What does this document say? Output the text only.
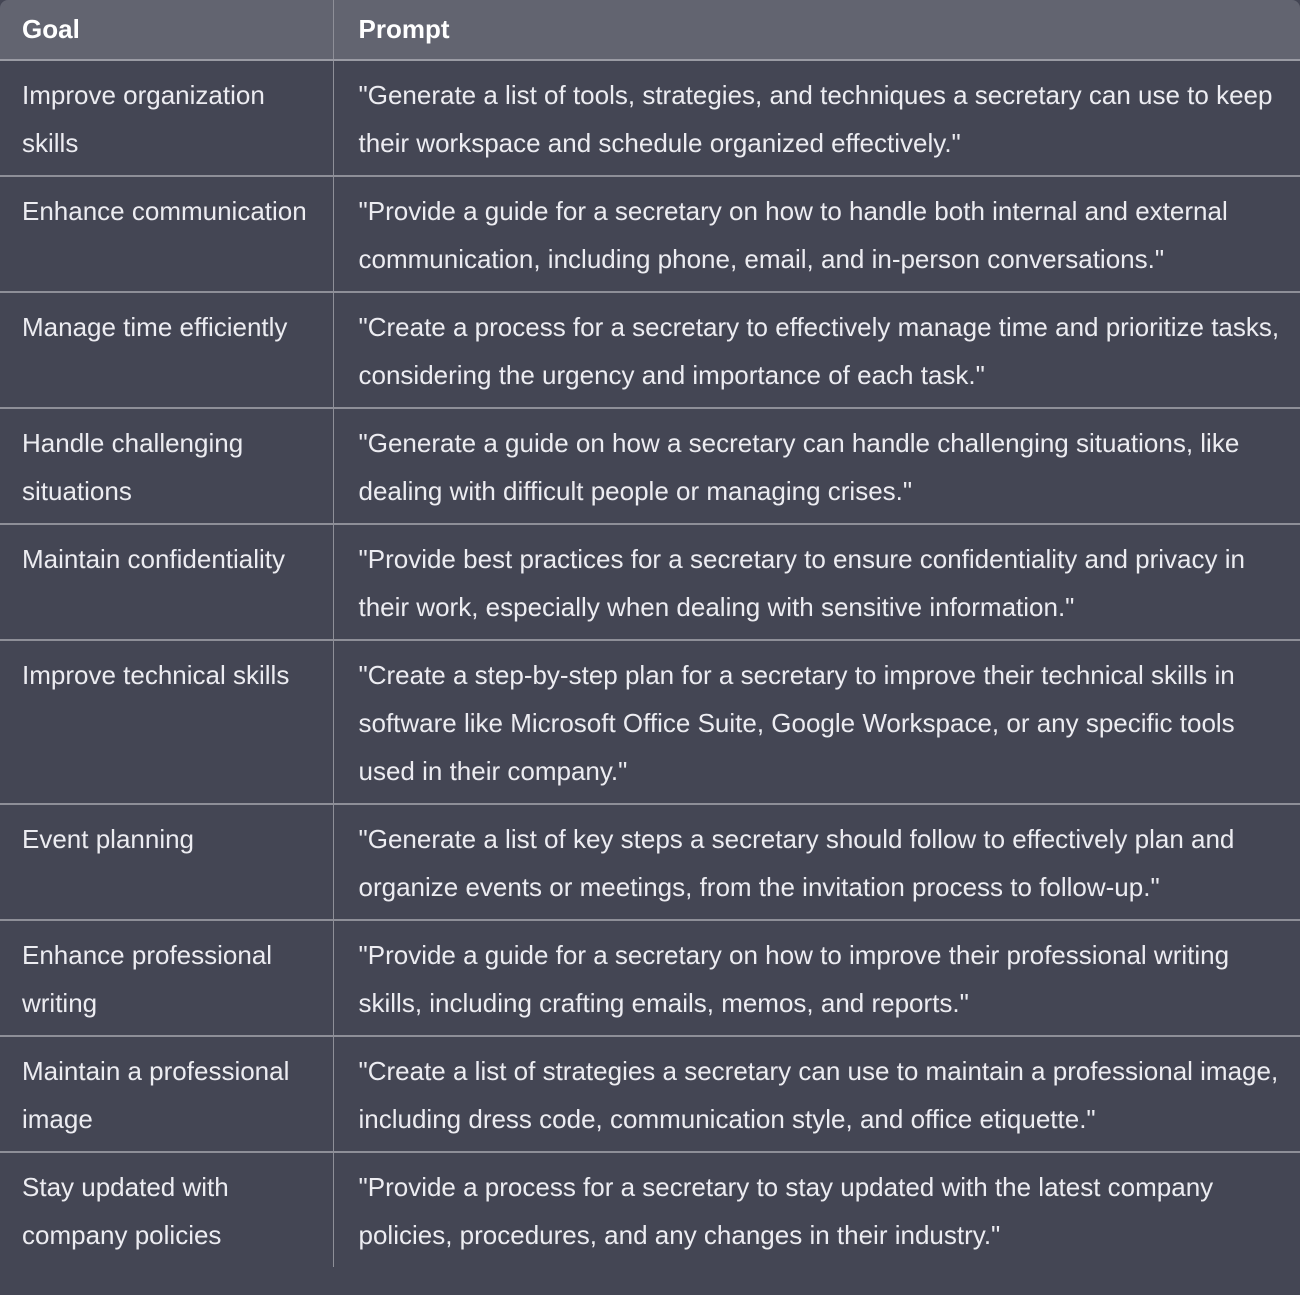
Goal	Prompt
Improve organization skills	"Generate a list of tools, strategies, and techniques a secretary can use to keep their workspace and schedule organized effectively."
Enhance communication	"Provide a guide for a secretary on how to handle both internal and external communication, including phone, email, and in-person conversations."
Manage time efficiently	"Create a process for a secretary to effectively manage time and prioritize tasks, considering the urgency and importance of each task."
Handle challenging situations	"Generate a guide on how a secretary can handle challenging situations, like dealing with difficult people or managing crises."
Maintain confidentiality	"Provide best practices for a secretary to ensure confidentiality and privacy in their work, especially when dealing with sensitive information."
Improve technical skills	"Create a step-by-step plan for a secretary to improve their technical skills in software like Microsoft Office Suite, Google Workspace, or any specific tools used in their company."
Event planning	"Generate a list of key steps a secretary should follow to effectively plan and organize events or meetings, from the invitation process to follow-up."
Enhance professional writing	"Provide a guide for a secretary on how to improve their professional writing skills, including crafting emails, memos, and reports."
Maintain a professional image	"Create a list of strategies a secretary can use to maintain a professional image, including dress code, communication style, and office etiquette."
Stay updated with company policies	"Provide a process for a secretary to stay updated with the latest company policies, procedures, and any changes in their industry."
